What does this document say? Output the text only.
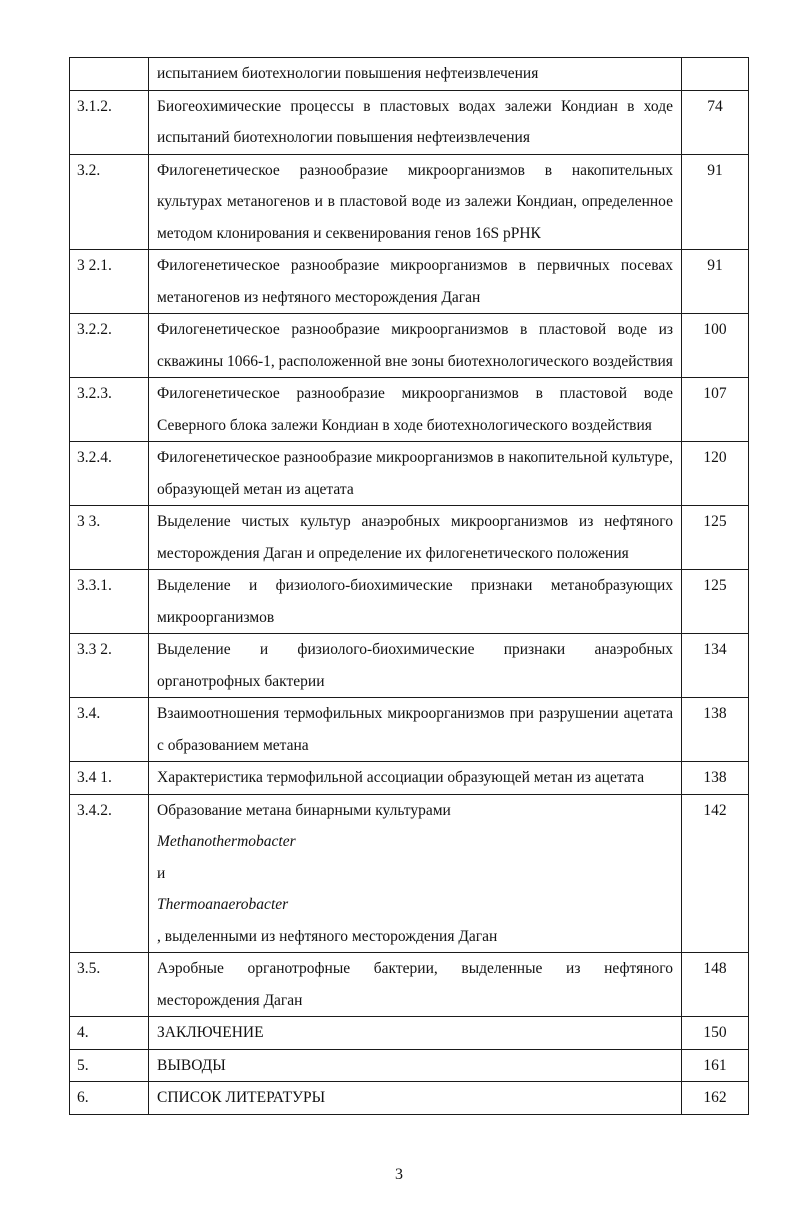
	испытанием биотехнологии повышения нефтеизвлечения	

3.1.2.	Биогеохимические процессы в пластовых водах залежи Кондиан в ходе испытаний биотехнологии повышения нефтеизвлечения	74
3.2.	Филогенетическое разнообразие микроорганизмов в накопительных культурах метаногенов и в пластовой воде из залежи Кондиан, определенное методом клонирования и секвенирования генов 16S рРНК	91
3 2.1.	Филогенетическое разнообразие микроорганизмов в первичных посевах метаногенов из нефтяного месторождения Даган	91
3.2.2.	Филогенетическое разнообразие микроорганизмов в пластовой воде из скважины 1066-1, расположенной вне зоны биотехнологического воздействия	100
3.2.3.	Филогенетическое разнообразие микроорганизмов в пластовой воде Северного блока залежи Кондиан в ходе биотехнологического воздействия	107
3.2.4.	Филогенетическое разнообразие микроорганизмов в накопительной культуре, образующей метан из ацетата	120
3 3.	Выделение чистых культур анаэробных микроорганизмов из нефтяного месторождения Даган и определение их филогенетического положения	125
3.3.1.	Выделение и физиолого-биохимические признаки метанобразующих микроорганизмов	125
3.3 2.	Выделение и физиолого-биохимические признаки анаэробных органотрофных бактерии	134
3.4.	Взаимоотношения термофильных микроорганизмов при разрушении ацетата с образованием метана	138
3.4 1.	Характеристика термофильной ассоциации образующей метан из ацетата	138
3.4.2.	Образование метана бинарными культурами
Methanothermobacter
и
Thermoanaerobacter
, выделенными из нефтяного месторождения Даган	142
3.5.	Аэробные органотрофные бактерии, выделенные из нефтяного месторождения Даган	148
4.	ЗАКЛЮЧЕНИЕ	150
5.	ВЫВОДЫ	161
6.	СПИСОК ЛИТЕРАТУРЫ	162
3
